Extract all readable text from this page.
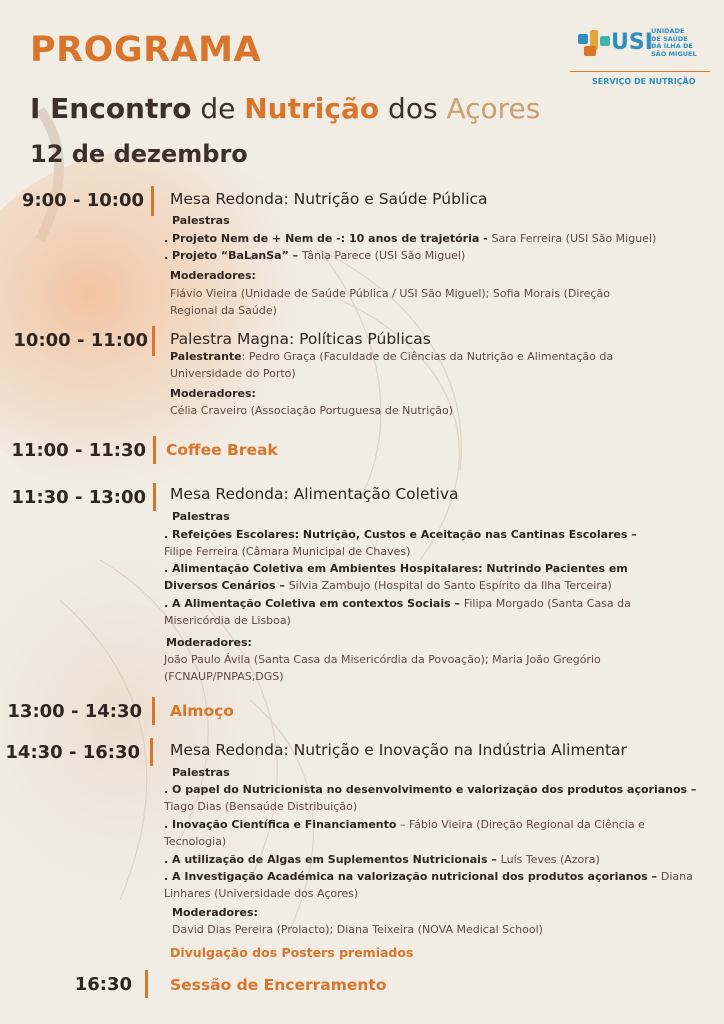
PROGRAMA
I Encontro de Nutrição dos Açores
12 de dezembro
USI
UNIDADE
DE SAÚDE
DA ILHA DE
SÃO MIGUEL
SERVIÇO DE NUTRIÇÃO
9:00 - 10:00 Mesa Redonda: Nutrição e Saúde Pública
Palestras
. Projeto Nem de + Nem de -: 10 anos de trajetória - Sara Ferreira (USI São Miguel)
. Projeto “BaLanSa” – Tânia Parece (USI São Miguel)
Moderadores:
Flávio Vieira (Unidade de Saúde Pública / USI São Miguel); Sofia Morais (Direção
Regional da Saúde)
10:00 - 11:00 Palestra Magna: Políticas Públicas
Palestrante: Pedro Graça (Faculdade de Ciências da Nutrição e Alimentação da
Universidade do Porto)
Moderadores:
Célia Craveiro (Associação Portuguesa de Nutrição)
11:00 - 11:30 Coffee Break
11:30 - 13:00 Mesa Redonda: Alimentação Coletiva
Palestras
. Refeições Escolares: Nutrição, Custos e Aceitação nas Cantinas Escolares –
Filipe Ferreira (Câmara Municipal de Chaves)
. Alimentação Coletiva em Ambientes Hospitalares: Nutrindo Pacientes em
Diversos Cenários – Silvia Zambujo (Hospital do Santo Espírito da Ilha Terceira)
. A Alimentação Coletiva em contextos Sociais – Filipa Morgado (Santa Casa da
Misericórdia de Lisboa)
Moderadores:
João Paulo Ávila (Santa Casa da Misericórdia da Povoação); Maria João Gregório
(FCNAUP/PNPAS,DGS)
13:00 - 14:30 Almoço
14:30 - 16:30 Mesa Redonda: Nutrição e Inovação na Indústria Alimentar
Palestras
. O papel do Nutricionista no desenvolvimento e valorização dos produtos açorianos –
Tiago Dias (Bensaúde Distribuição)
. Inovação Científica e Financiamento – Fábio Vieira (Direção Regional da Ciência e
Tecnologia)
. A utilização de Algas em Suplementos Nutricionais – Luís Teves (Azora)
. A Investigação Académica na valorização nutricional dos produtos açorianos – Diana
Linhares (Universidade dos Açores)
Moderadores:
David Dias Pereira (Prolacto); Diana Teixeira (NOVA Medical School)
Divulgação dos Posters premiados
16:30 Sessão de Encerramento
